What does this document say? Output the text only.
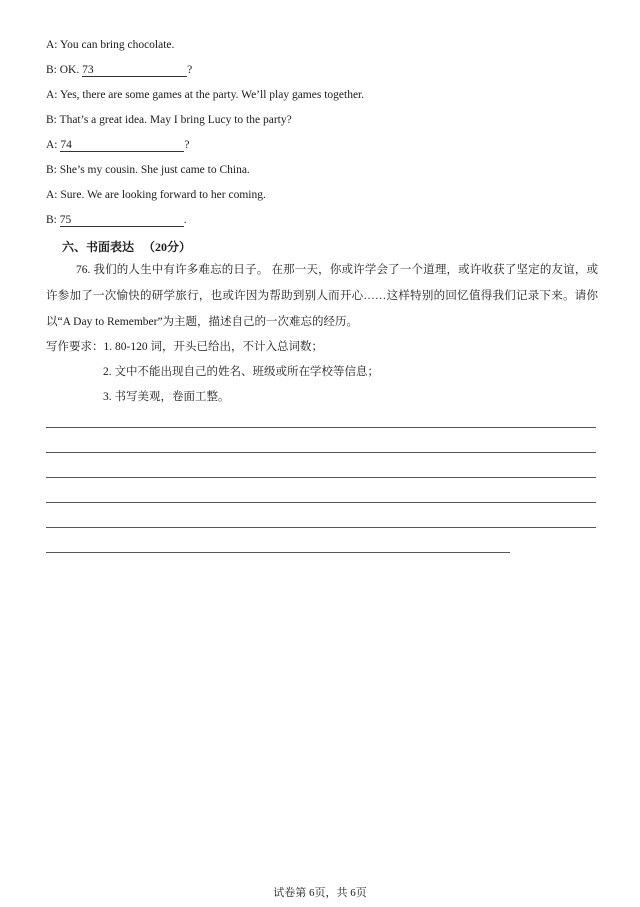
A: You can bring chocolate.
B: OK. 73	?
A: Yes, there are some games at the party. We’ll play games together.
B: That’s a great idea. May I bring Lucy to the party?
A: 74	?
B: She’s my cousin. She just came to China.
A: Sure. We are looking forward to her coming.
B: 75	.
六、书面表达 （20分）
76. 我们的人生中有许多难忘的日子。 在那一天，你或许学会了一个道理，或许收获了坚定的友谊，或许参加了一次愉快的研学旅行，也或许因为帮助到别人而开心……这样特别的回忆值得我们记录下来。请你以“A Day to Remember”为主题，描述自己的一次难忘的经历。
写作要求：1. 80-120 词，开头已给出，不计入总词数；
2. 文中不能出现自己的姓名、班级或所在学校等信息；
3. 书写美观，卷面工整。
试卷第 6页，共 6页
